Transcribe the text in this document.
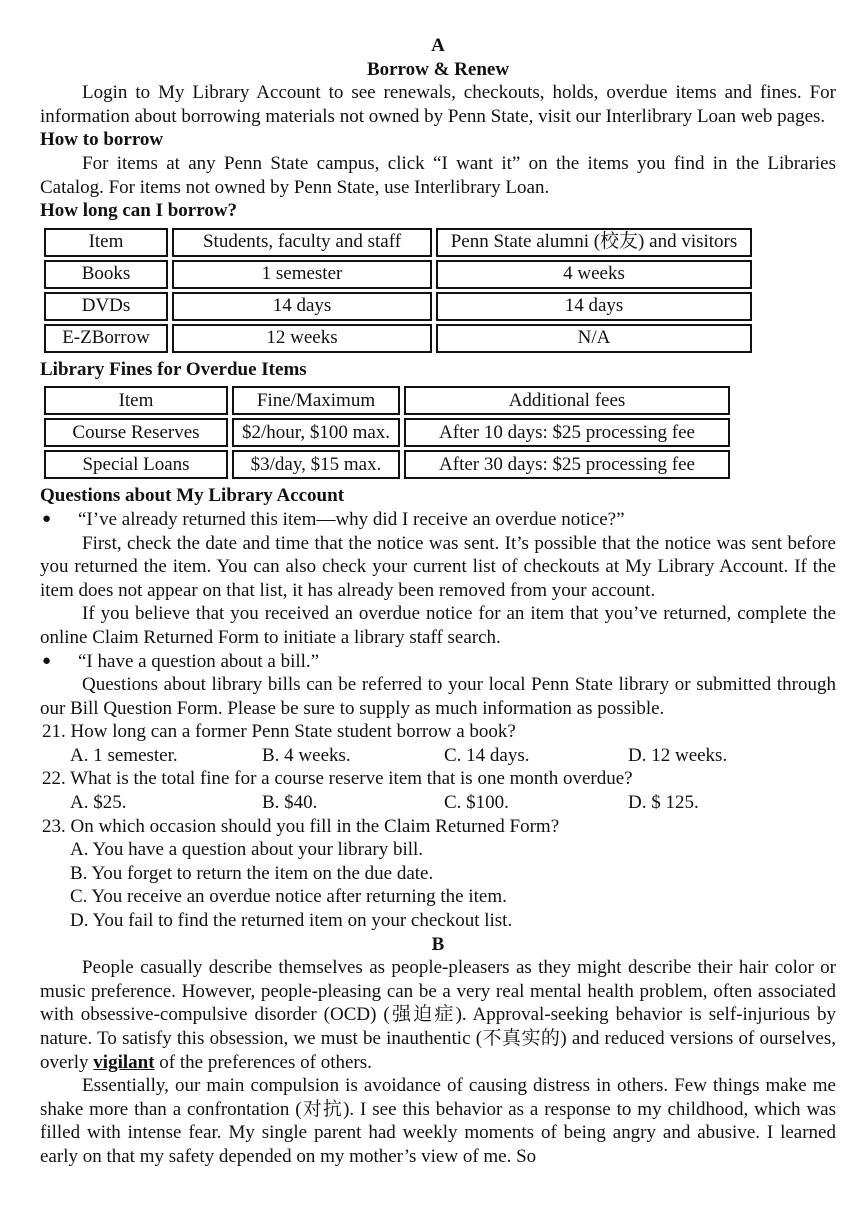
A
Borrow & Renew

Login to My Library Account to see renewals, checkouts, holds, overdue items and fines. For information about borrowing materials not owned by Penn State, visit our Interlibrary Loan web pages.

How to borrow

For items at any Penn State campus, click “I want it” on the items you find in the Libraries Catalog. For items not owned by Penn State, use Interlibrary Loan.

How long can I borrow?
Item	Students, faculty and staff	Penn State alumni (校友) and visitors
Books	1 semester	4 weeks
DVDs	14 days	14 days
E-ZBorrow	12 weeks	N/A
Library Fines for Overdue Items
Item	Fine/Maximum	Additional fees
Course Reserves	$2/hour, $100 max.	After 10 days: $25 processing fee
Special Loans	$3/day, $15 max.	After 30 days: $25 processing fee
Questions about My Library Account

● “I’ve already returned this item—why did I receive an overdue notice?”

First, check the date and time that the notice was sent. It’s possible that the notice was sent before you returned the item. You can also check your current list of checkouts at My Library Account. If the item does not appear on that list, it has already been removed from your account.

If you believe that you received an overdue notice for an item that you’ve returned, complete the online Claim Returned Form to initiate a library staff search.

● “I have a question about a bill.”

Questions about library bills can be referred to your local Penn State library or submitted through our Bill Question Form. Please be sure to supply as much information as possible.

21. How long can a former Penn State student borrow a book?
A. 1 semester.	B. 4 weeks.	C. 14 days.	D. 12 weeks.
22. What is the total fine for a course reserve item that is one month overdue?
A. $25.	B. $40.	C. $100.	D. $ 125.
23. On which occasion should you fill in the Claim Returned Form?
A. You have a question about your library bill.
B. You forget to return the item on the due date.
C. You receive an overdue notice after returning the item.
D. You fail to find the returned item on your checkout list.
B

People casually describe themselves as people-pleasers as they might describe their hair color or music preference. However, people-pleasing can be a very real mental health problem, often associated with obsessive-compulsive disorder (OCD) (强迫症). Approval-seeking behavior is self-injurious by nature. To satisfy this obsession, we must be inauthentic (不真实的) and reduced versions of ourselves, overly vigilant of the preferences of others.

Essentially, our main compulsion is avoidance of causing distress in others. Few things make me shake more than a confrontation (对抗). I see this behavior as a response to my childhood, which was filled with intense fear. My single parent had weekly moments of being angry and abusive. I learned early on that my safety depended on my mother’s view of me. So
